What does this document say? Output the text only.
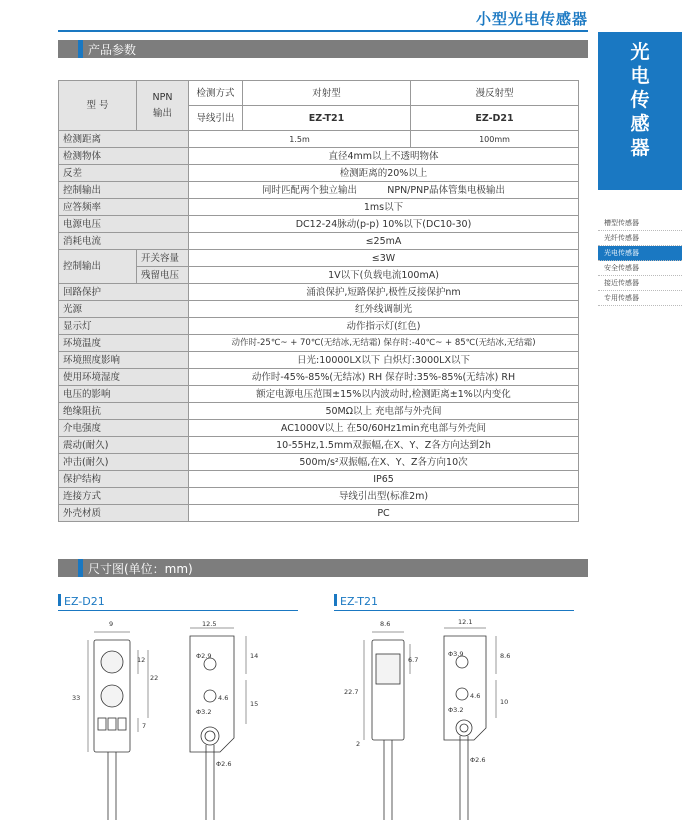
小型光电传感器
产品参数	光
电
传
感
器
槽型传感器
光纤传感器
光电传感器
安全传感器
接近传感器
专用传感器
型 号	NPN
输出	检测方式	对射型	漫反射型
		导线引出	EZ-T21	EZ-D21
检测距离		1.5m		100mm
检测物体		直径4mm以上不透明物体		
反差		检测距离的20%以上		
控制输出		同时匹配两个独立输出          NPN/PNP晶体管集电极输出		
应答频率		1ms以下		
电源电压		DC12-24脉动(p-p) 10%以下(DC10-30)		
消耗电流		≤25mA		
控制输出	开关容量	≤3W		
	残留电压	1V以下(负载电流100mA)		
回路保护		涌浪保护,短路保护,极性反接保护nm		
光源		红外线调制光		
显示灯		动作指示灯(红色)		
环境温度		动作时-25℃~ + 70℃(无结冰,无结霜) 保存时:-40℃~ + 85℃(无结冰,无结霜)		
环境照度影响		日光:10000LX以下 白炽灯:3000LX以下		
使用环境湿度		动作时-45%-85%(无结冰) RH 保存时:35%-85%(无结冰) RH		
电压的影响		额定电源电压范围±15%以内波动时,检测距离±1%以内变化		
绝缘阻抗		50MΩ以上 充电部与外壳间		
介电强度		AC1000V以上 在50/60Hz1min充电部与外壳间		
震动(耐久)		10-55Hz,1.5mm双振幅,在X、Y、Z各方向达到2h		
冲击(耐久)		500m/s²双振幅,在X、Y、Z各方向10次		
保护结构		IP65		
连接方式		导线引出型(标准2m)		
外壳材质		PC		
尺寸图(单位：mm)
EZ-D21	EZ-T21
9
33
12
22
7
12.5
14
15
4.6
Φ2.9
Φ3.2
Φ2.6
8.6
22.7
6.7
2
12.1
8.6
10
4.6
Φ3.9
Φ3.2
Φ2.6
